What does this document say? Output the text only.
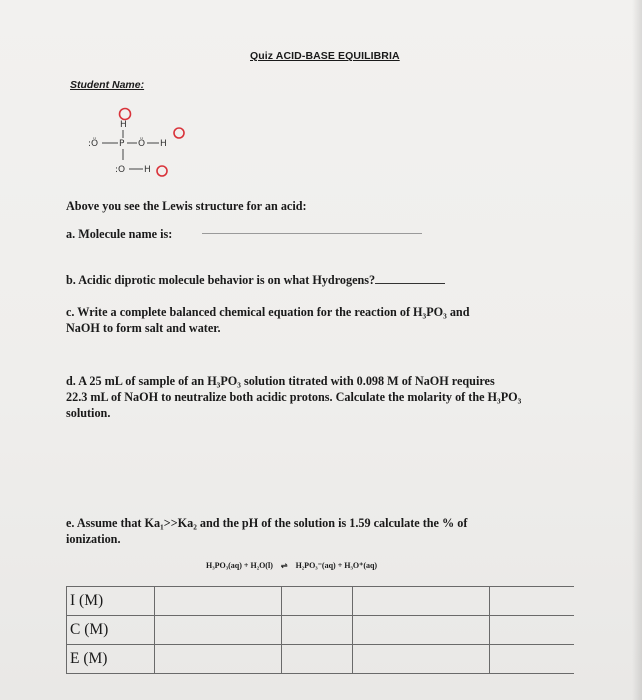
Quiz ACID-BASE EQUILIBRIA
Student Name:
H
:Ö P Ö H
:O H
Above you see the Lewis structure for an acid:
a. Molecule name is:
b. Acidic diprotic molecule behavior is on what Hydrogens?
c. Write a complete balanced chemical equation for the reaction of H₃PO₃ and
NaOH to form salt and water.
d. A 25 mL of sample of an H₃PO₃ solution titrated with 0.098 M of NaOH requires
22.3 mL of NaOH to neutralize both acidic protons. Calculate the molarity of the H₃PO₃
solution.
e. Assume that Ka₁>>Ka₂ and the pH of the solution is 1.59 calculate the % of
ionization.
H₃PO₃(aq) + H₂O(l) ⇌ H₂PO₃⁻(aq) + H₃O⁺(aq)
I (M)				
C (M)				
E (M)				
